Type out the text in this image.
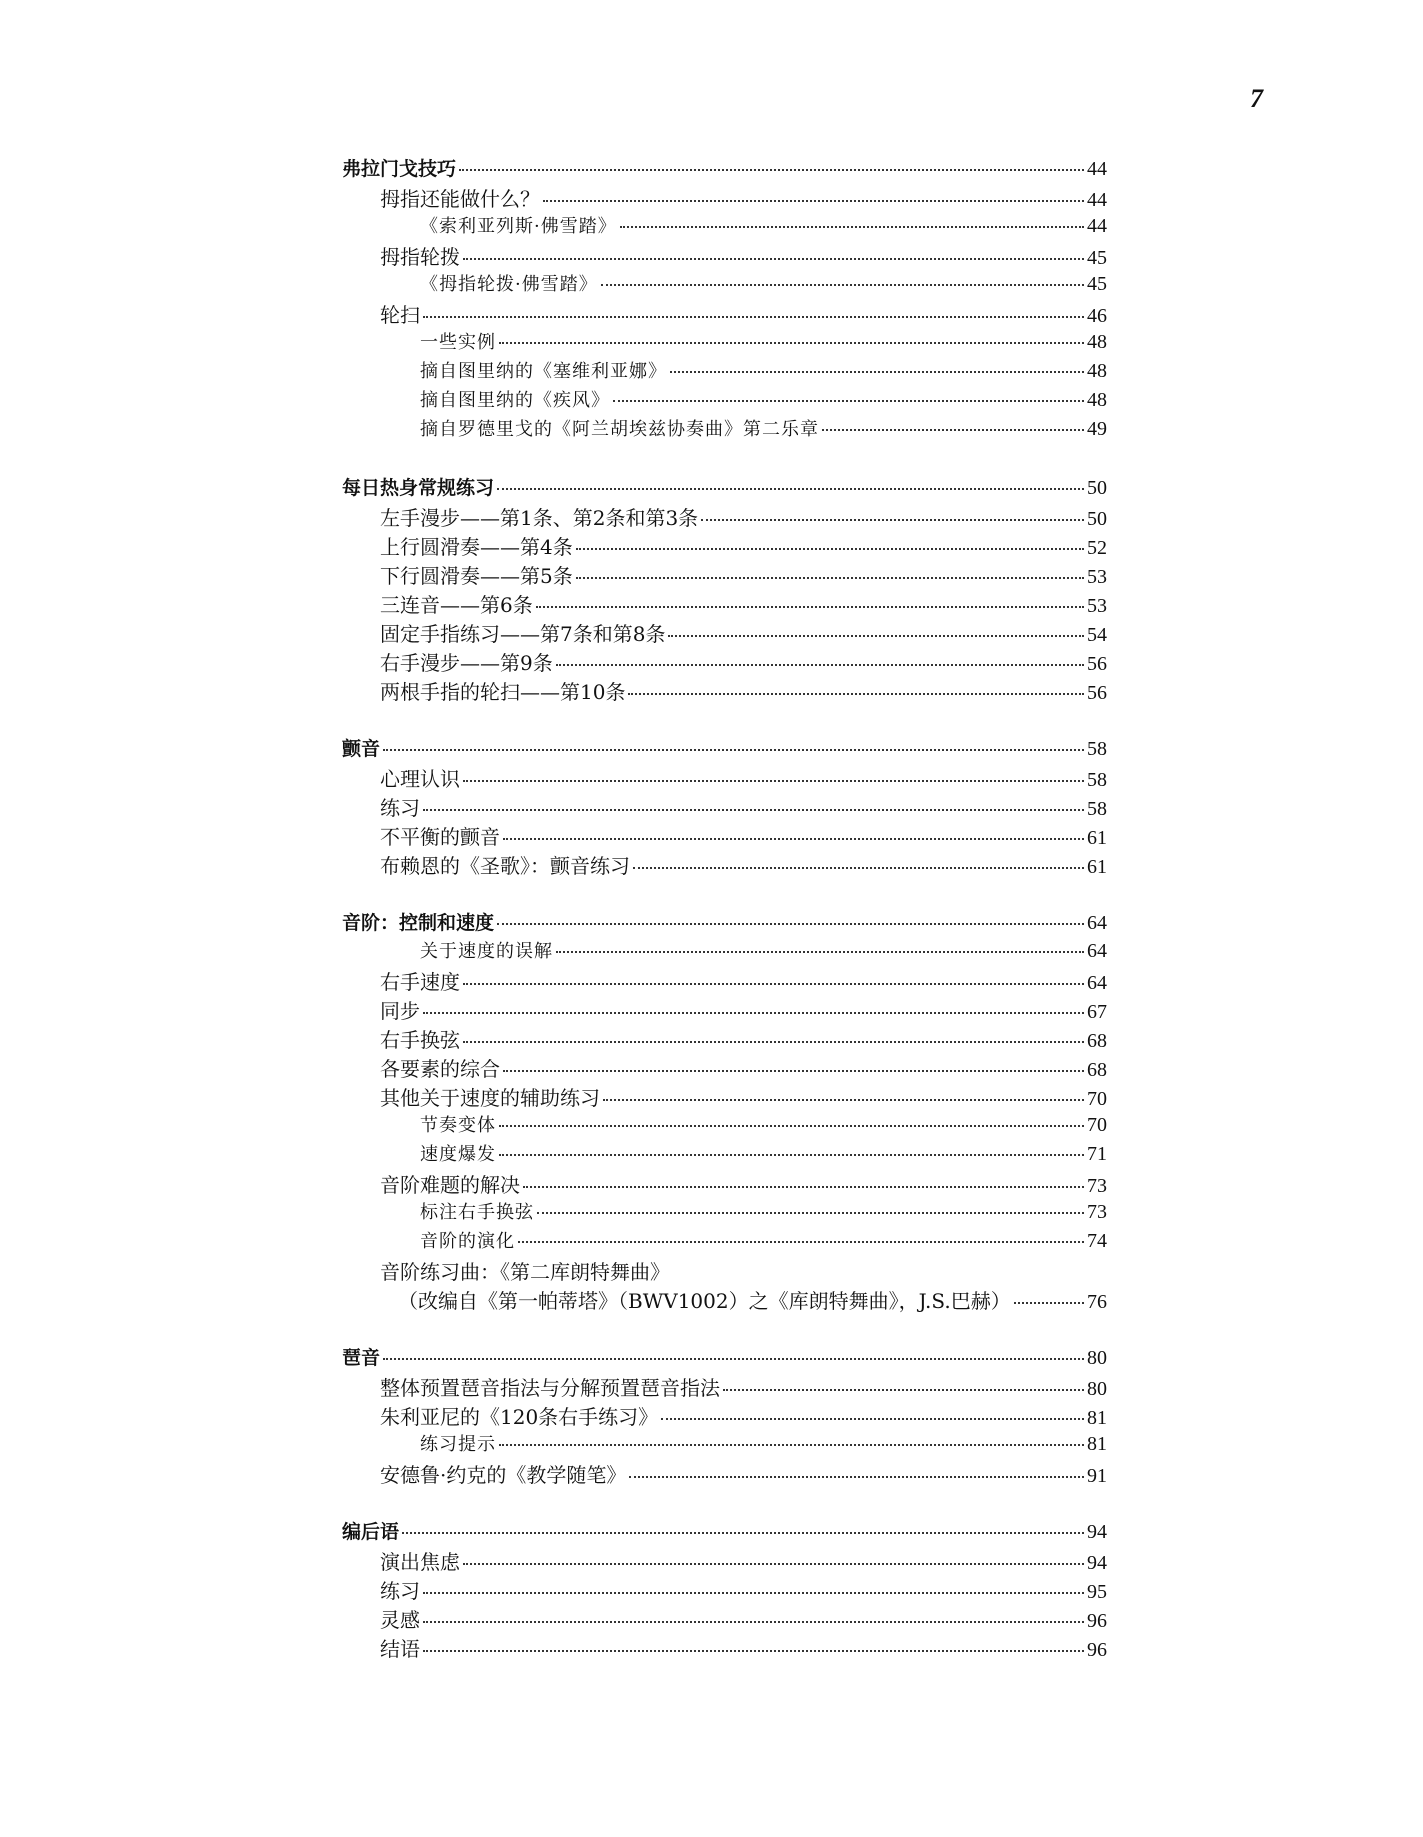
7
弗拉门戈技巧	44
拇指还能做什么？	44
《索利亚列斯·佛雪踏》	44
拇指轮拨	45
《拇指轮拨·佛雪踏》	45
轮扫	46
一些实例	48
摘自图里纳的《塞维利亚娜》	48
摘自图里纳的《疾风》	48
摘自罗德里戈的《阿兰胡埃兹协奏曲》第二乐章	49
每日热身常规练习	50
左手漫步——第1条、第2条和第3条	50
上行圆滑奏——第4条	52
下行圆滑奏——第5条	53
三连音——第6条	53
固定手指练习——第7条和第8条	54
右手漫步——第9条	56
两根手指的轮扫——第10条	56
颤音	58
心理认识	58
练习	58
不平衡的颤音	61
布赖恩的《圣歌》：颤音练习	61
音阶：控制和速度	64
关于速度的误解	64
右手速度	64
同步	67
右手换弦	68
各要素的综合	68
其他关于速度的辅助练习	70
节奏变体	70
速度爆发	71
音阶难题的解决	73
标注右手换弦	73
音阶的演化	74
音阶练习曲：《第二库朗特舞曲》
（改编自《第一帕蒂塔》（BWV1002）之《库朗特舞曲》，J.S.巴赫）	76
琶音	80
整体预置琶音指法与分解预置琶音指法	80
朱利亚尼的《120条右手练习》	81
练习提示	81
安德鲁·约克的《教学随笔》	91
编后语	94
演出焦虑	94
练习	95
灵感	96
结语	96
